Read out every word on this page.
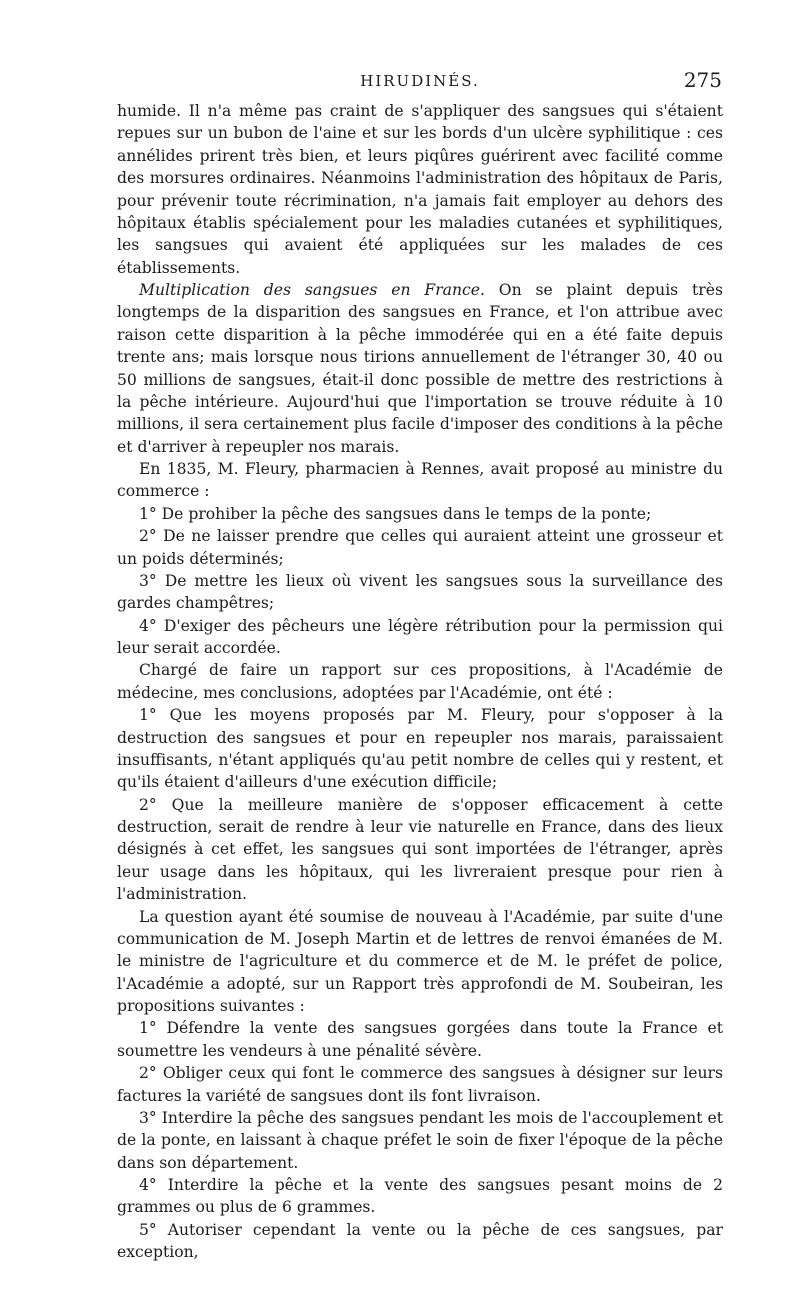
HIRUDINÉS.	275

humide. Il n'a même pas craint de s'appliquer des sangsues qui s'étaient repues sur un bubon de l'aine et sur les bords d'un ulcère syphilitique : ces annélides prirent très bien, et leurs piqûres guérirent avec facilité comme des morsures ordinaires. Néanmoins l'administration des hôpitaux de Paris, pour prévenir toute récrimination, n'a jamais fait employer au dehors des hôpitaux établis spécialement pour les maladies cutanées et syphilitiques, les sangsues qui avaient été appliquées sur les malades de ces établissements.

Multiplication des sangsues en France. On se plaint depuis très longtemps de la disparition des sangsues en France, et l'on attribue avec raison cette disparition à la pêche immodérée qui en a été faite depuis trente ans; mais lorsque nous tirions annuellement de l'étranger 30, 40 ou 50 millions de sangsues, était-il donc possible de mettre des restrictions à la pêche intérieure. Aujourd'hui que l'importation se trouve réduite à 10 millions, il sera certainement plus facile d'imposer des conditions à la pêche et d'arriver à repeupler nos marais.

En 1835, M. Fleury, pharmacien à Rennes, avait proposé au ministre du commerce :

1° De prohiber la pêche des sangsues dans le temps de la ponte;

2° De ne laisser prendre que celles qui auraient atteint une grosseur et un poids déterminés;

3° De mettre les lieux où vivent les sangsues sous la surveillance des gardes champêtres;

4° D'exiger des pêcheurs une légère rétribution pour la permission qui leur serait accordée.

Chargé de faire un rapport sur ces propositions, à l'Académie de médecine, mes conclusions, adoptées par l'Académie, ont été :

1° Que les moyens proposés par M. Fleury, pour s'opposer à la destruction des sangsues et pour en repeupler nos marais, paraissaient insuffisants, n'étant appliqués qu'au petit nombre de celles qui y restent, et qu'ils étaient d'ailleurs d'une exécution difficile;

2° Que la meilleure manière de s'opposer efficacement à cette destruction, serait de rendre à leur vie naturelle en France, dans des lieux désignés à cet effet, les sangsues qui sont importées de l'étranger, après leur usage dans les hôpitaux, qui les livreraient presque pour rien à l'administration.

La question ayant été soumise de nouveau à l'Académie, par suite d'une communication de M. Joseph Martin et de lettres de renvoi émanées de M. le ministre de l'agriculture et du commerce et de M. le préfet de police, l'Académie a adopté, sur un Rapport très approfondi de M. Soubeiran, les propositions suivantes :

1° Défendre la vente des sangsues gorgées dans toute la France et soumettre les vendeurs à une pénalité sévère.

2° Obliger ceux qui font le commerce des sangsues à désigner sur leurs factures la variété de sangsues dont ils font livraison.

3° Interdire la pêche des sangsues pendant les mois de l'accouplement et de la ponte, en laissant à chaque préfet le soin de fixer l'époque de la pêche dans son département.

4° Interdire la pêche et la vente des sangsues pesant moins de 2 grammes ou plus de 6 grammes.

5° Autoriser cependant la vente ou la pêche de ces sangsues, par exception,
